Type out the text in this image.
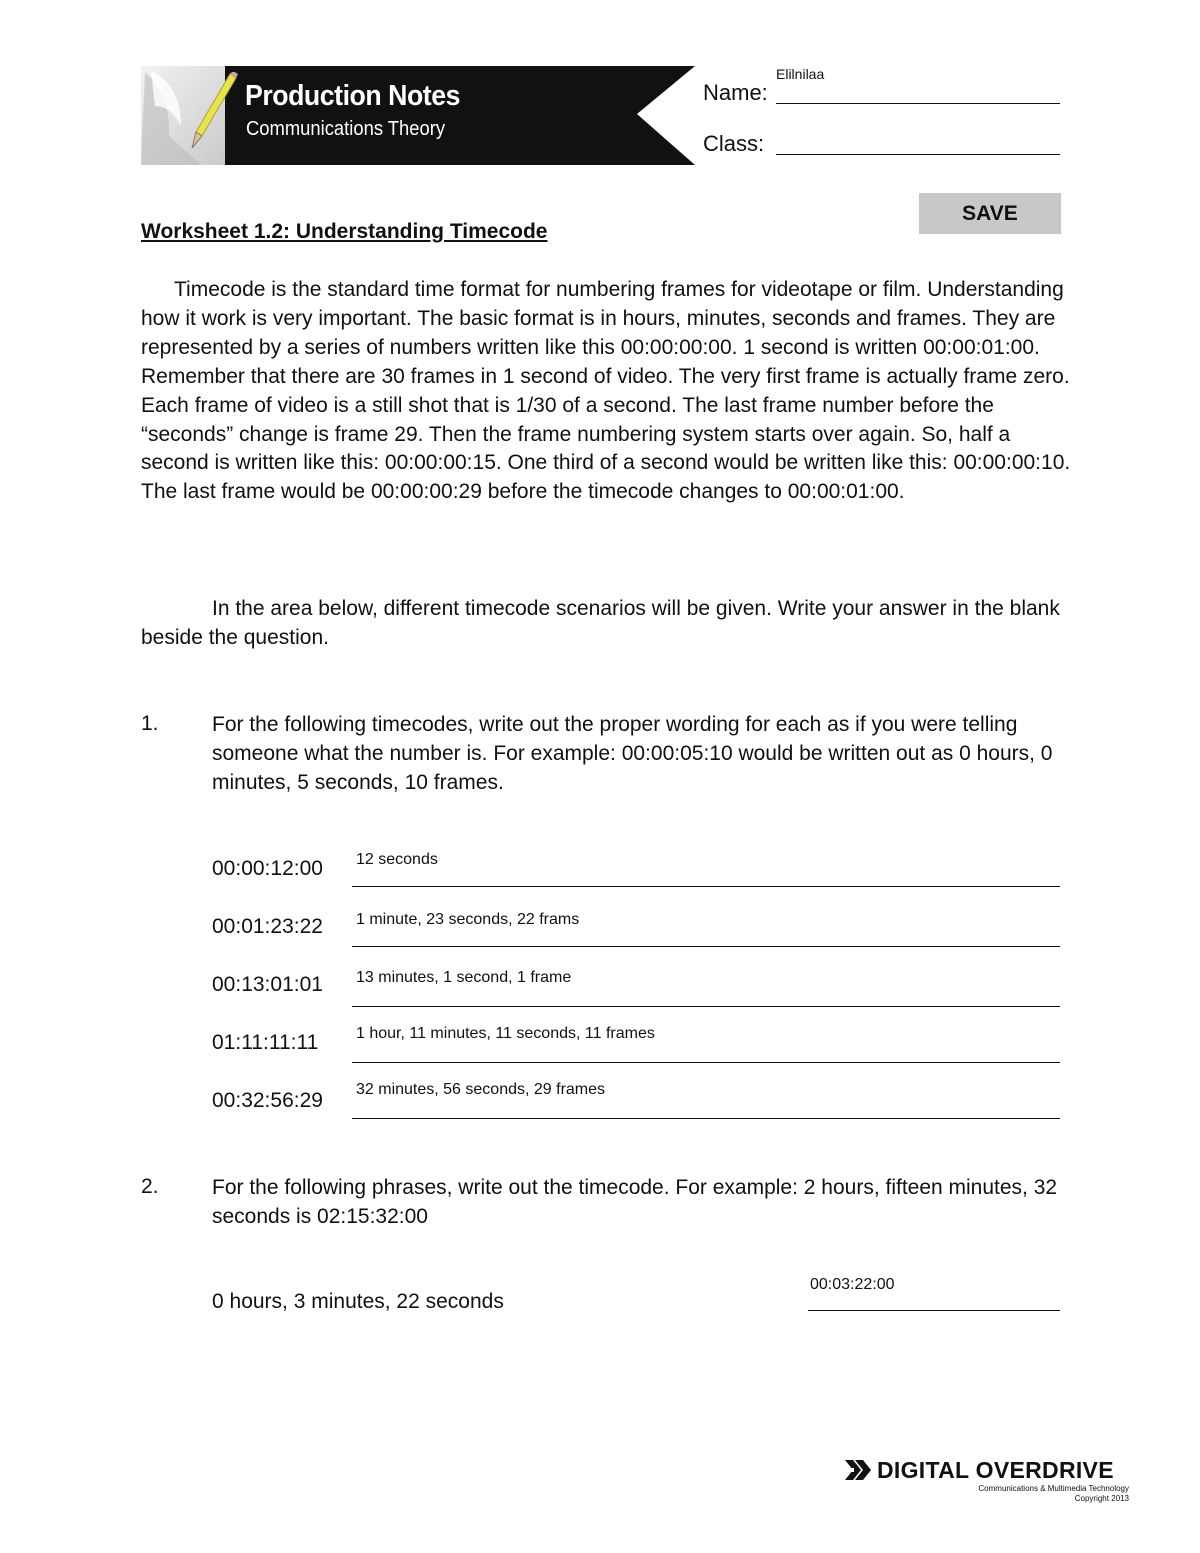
Production Notes
Communications Theory
Name:
Elilnilaa
Class:
SAVE
Worksheet 1.2: Understanding Timecode

Timecode is the standard time format for numbering frames for videotape or film. Understanding how it work is very important. The basic format is in hours, minutes, seconds and frames. They are represented by a series of numbers written like this 00:00:00:00. 1 second is written 00:00:01:00. Remember that there are 30 frames in 1 second of video. The very first frame is actually frame zero. Each frame of video is a still shot that is 1/30 of a second. The last frame number before the “seconds” change is frame 29. Then the frame numbering system starts over again. So, half a second is written like this: 00:00:00:15. One third of a second would be written like this: 00:00:00:10. The last frame would be 00:00:00:29 before the timecode changes to 00:00:01:00.

In the area below, different timecode scenarios will be given. Write your answer in the blank beside the question.

1.	For the following timecodes, write out the proper wording for each as if you were telling someone what the number is. For example: 00:00:05:10 would be written out as 0 hours, 0 minutes, 5 seconds, 10 frames.
00:00:12:00 12 seconds
00:01:23:22 1 minute, 23 seconds, 22 frams
00:13:01:01 13 minutes, 1 second, 1 frame
01:11:11:11 1 hour, 11 minutes, 11 seconds, 11 frames
00:32:56:29 32 minutes, 56 seconds, 29 frames
2.	For the following phrases, write out the timecode. For example: 2 hours, fifteen minutes, 32 seconds is 02:15:32:00
0 hours, 3 minutes, 22 seconds
00:03:22:00
DIGITAL OVERDRIVE
Communications & Multimedia Technology
Copyright 2013
